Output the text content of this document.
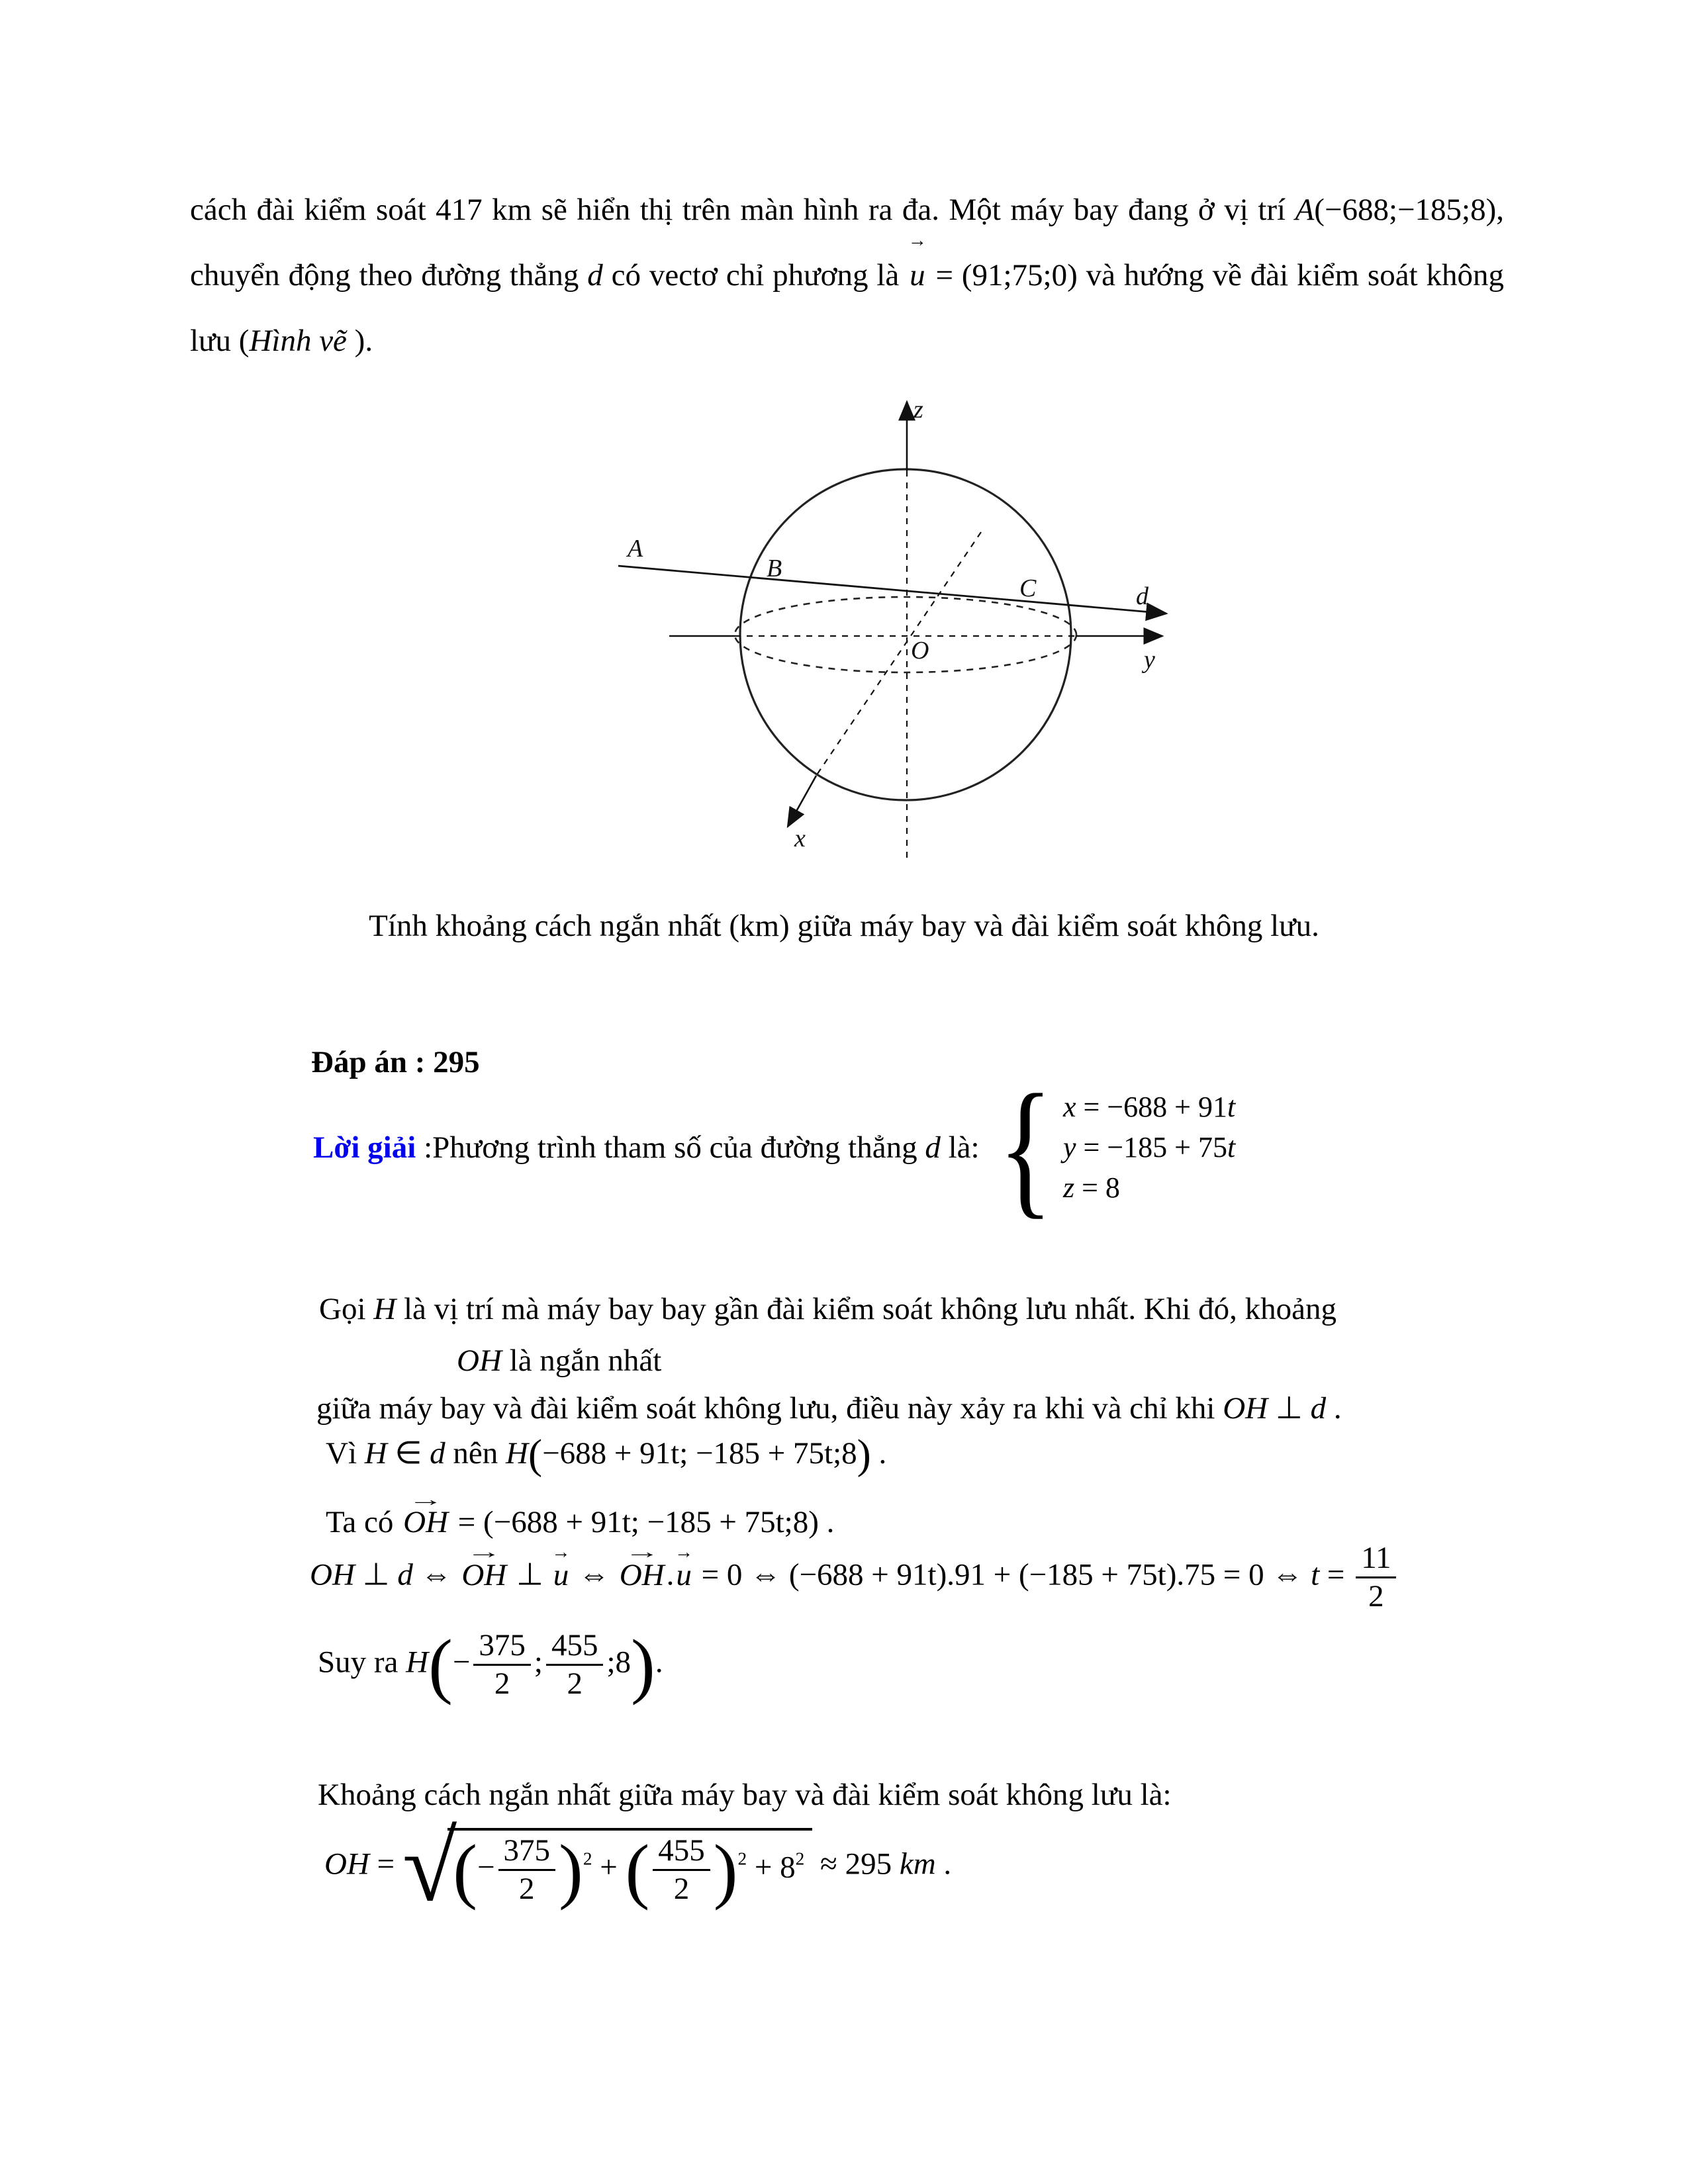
cách đài kiểm soát 417 km sẽ hiển thị trên màn hình ra đa. Một máy bay đang ở vị trí A(−688;−185;8), chuyển động theo đường thẳng d có vectơ chỉ phương là
→
u = (91;75;0) và hướng về đài kiểm soát không lưu (Hình vẽ ).
z
y
x
O
A
B
C	d
Tính khoảng cách ngắn nhất (km) giữa máy bay và đài kiểm soát không lưu.
Đáp án : 295
Lời giải :Phương trình tham số của đường thẳng d là: { x = −688 + 91t
y = −185 + 75t
z = 8
Gọi H là vị trí mà máy bay bay gần đài kiểm soát không lưu nhất. Khi đó, khoảng
OH là ngắn nhất
giữa máy bay và đài kiểm soát không lưu, điều này xảy ra khi và chỉ khi OH ⊥ d .
Vì H ∈ d nên H(−688 + 91t; −185 + 75t;8) .
Ta có
→
OH = (−688 + 91t; −185 + 75t;8) .
OH ⊥ d ⇔
→
OH ⊥
→
u ⇔
→
OH.
→
u = 0 ⇔ (−688 + 91t).91 + (−185 + 75t).75 = 0 ⇔ $t = \frac{11}{2}$
Suy ra $H(- \frac{375}{2}$ ; $\frac{455}{2}$ ;8).
Khoảng cách ngắn nhất giữa máy bay và đài kiểm soát không lưu là:
OH = √(− $\frac{375}{2} )^2$ + ( $\frac{455}{2} )^2 + 8^2 \approx 295$ km .
